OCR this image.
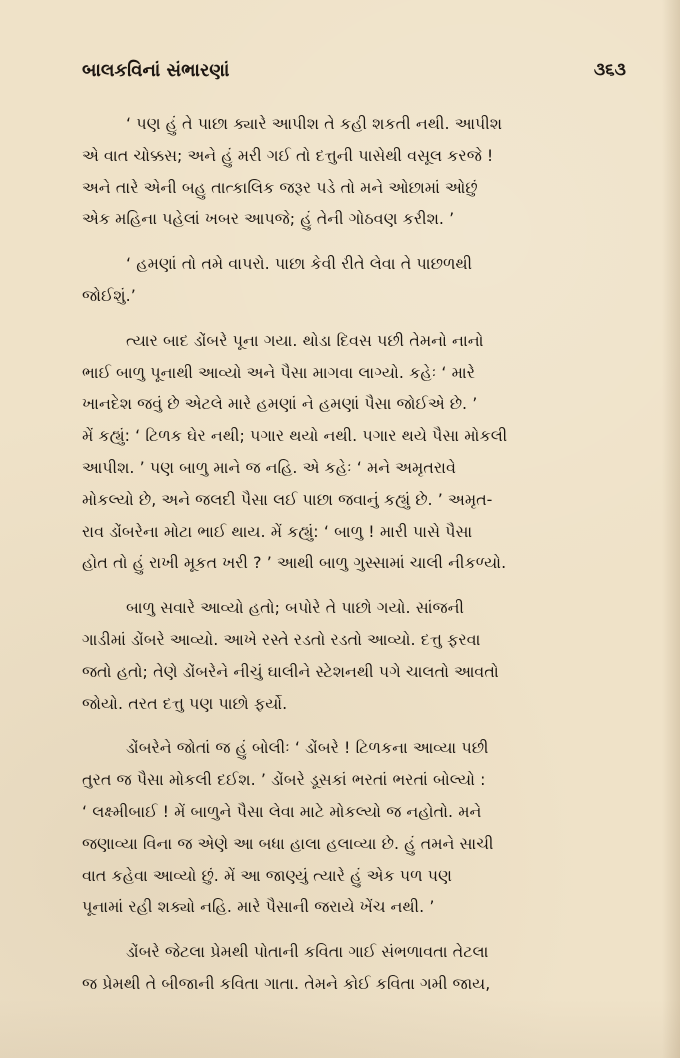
બાલકવિનાં સંભારણાં	૩૬૩
‘ પણ હું તે પાછા ક્યારે આપીશ તે કહી શકતી નથી. આપીશ
એ વાત ચોક્કસ; અને હું મરી ગઈ તો દત્તુની પાસેથી વસૂલ કરજે !
અને તારે એની બહુ તાત્કાલિક જરૂર પડે તો મને ઓછામાં ઓછું
એક મહિના પહેલાં ખબર આપજે; હું તેની ગોઠવણ કરીશ. ’
‘ હમણાં તો તમે વાપરો. પાછા કેવી રીતે લેવા તે પાછળથી
જોઈશું.’
ત્યાર બાદ ડોંબરે પૂના ગયા. થોડા દિવસ પછી તેમનો નાનો
ભાઈ બાળુ પૂનાથી આવ્યો અને પૈસા માગવા લાગ્યો. કહેઃ ‘ મારે
ખાનદેશ જવું છે એટલે મારે હમણાં ને હમણાં પૈસા જોઈએ છે. ’
મેં કહ્યું: ‘ ટિળક ઘેર નથી; પગાર થયો નથી. પગાર થયે પૈસા મોકલી
આપીશ. ’ પણ બાળુ માને જ નહિ. એ કહેઃ ‘ મને અમૃતરાવે
મોકલ્યો છે, અને જલદી પૈસા લઈ પાછા જવાનું કહ્યું છે. ’ અમૃત-
રાવ ડોંબરેના મોટા ભાઈ થાય. મેં કહ્યું: ‘ બાળુ ! મારી પાસે પૈસા
હોત તો હું રાખી મૂકત ખરી ? ’ આથી બાળુ ગુસ્સામાં ચાલી નીકળ્યો.
બાળુ સવારે આવ્યો હતો; બપોરે તે પાછો ગયો. સાંજની
ગાડીમાં ડોંબરે આવ્યો. આખે રસ્તે રડતો રડતો આવ્યો. દત્તુ ફરવા
જતો હતો; તેણે ડોંબરેને નીચું ઘાલીને સ્ટેશનથી પગે ચાલતો આવતો
જોયો. તરત દત્તુ પણ પાછો ફર્યો.
ડોંબરેને જોતાં જ હું બોલીઃ ‘ ડોંબરે ! ટિળકના આવ્યા પછી
તુરત જ પૈસા મોકલી દઈશ. ’ ડોંબરે ડૂસકાં ભરતાં ભરતાં બોલ્યો :
‘ લક્ષ્મીબાઈ ! મેં બાળુને પૈસા લેવા માટે મોકલ્યો જ નહોતો. મને
જણાવ્યા વિના જ એણે આ બધા હાલા હલાવ્યા છે. હું તમને સાચી
વાત કહેવા આવ્યો છું. મેં આ જાણ્યું ત્યારે હું એક પળ પણ
પૂનામાં રહી શક્યો નહિ. મારે પૈસાની જરાયે ખેંચ નથી. ’
ડોંબરે જેટલા પ્રેમથી પોતાની કવિતા ગાઈ સંભળાવતા તેટલા
જ પ્રેમથી તે બીજાની કવિતા ગાતા. તેમને કોઈ કવિતા ગમી જાય,
